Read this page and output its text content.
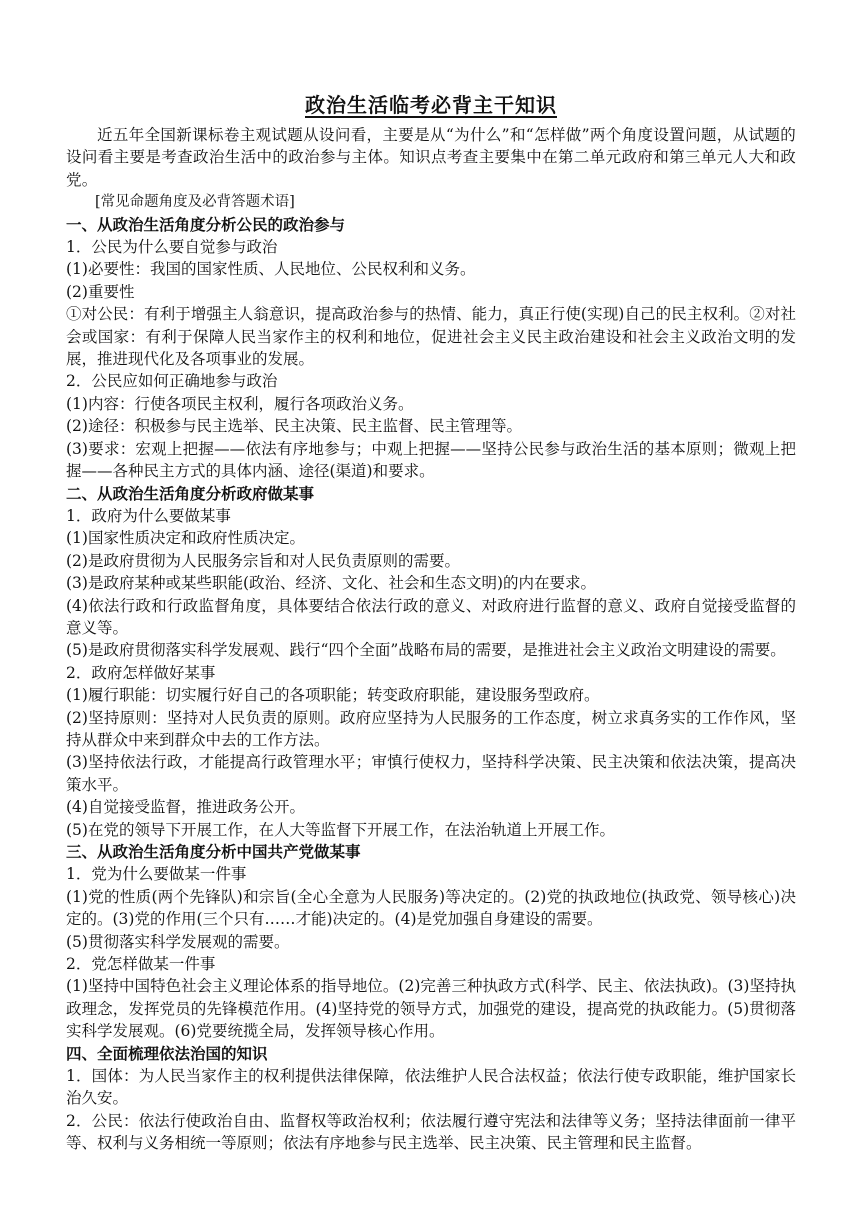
政治生活临考必背主干知识

近五年全国新课标卷主观试题从设问看，主要是从“为什么”和“怎样做”两个角度设置问题，从试题的设问看主要是考查政治生活中的政治参与主体。知识点考查主要集中在第二单元政府和第三单元人大和政党。

[常见命题角度及必背答题术语]

一、从政治生活角度分析公民的政治参与

1．公民为什么要自觉参与政治

(1)必要性：我国的国家性质、人民地位、公民权利和义务。

(2)重要性

①对公民：有利于增强主人翁意识，提高政治参与的热情、能力，真正行使(实现)自己的民主权利。②对社会或国家：有利于保障人民当家作主的权利和地位，促进社会主义民主政治建设和社会主义政治文明的发展，推进现代化及各项事业的发展。

2．公民应如何正确地参与政治

(1)内容：行使各项民主权利，履行各项政治义务。

(2)途径：积极参与民主选举、民主决策、民主监督、民主管理等。

(3)要求：宏观上把握——依法有序地参与；中观上把握——坚持公民参与政治生活的基本原则；微观上把握——各种民主方式的具体内涵、途径(渠道)和要求。

二、从政治生活角度分析政府做某事

1．政府为什么要做某事

(1)国家性质决定和政府性质决定。

(2)是政府贯彻为人民服务宗旨和对人民负责原则的需要。

(3)是政府某种或某些职能(政治、经济、文化、社会和生态文明)的内在要求。

(4)依法行政和行政监督角度，具体要结合依法行政的意义、对政府进行监督的意义、政府自觉接受监督的意义等。

(5)是政府贯彻落实科学发展观、践行“四个全面”战略布局的需要，是推进社会主义政治文明建设的需要。

2．政府怎样做好某事

(1)履行职能：切实履行好自己的各项职能；转变政府职能，建设服务型政府。

(2)坚持原则：坚持对人民负责的原则。政府应坚持为人民服务的工作态度，树立求真务实的工作作风，坚持从群众中来到群众中去的工作方法。

(3)坚持依法行政，才能提高行政管理水平；审慎行使权力，坚持科学决策、民主决策和依法决策，提高决策水平。

(4)自觉接受监督，推进政务公开。

(5)在党的领导下开展工作，在人大等监督下开展工作，在法治轨道上开展工作。

三、从政治生活角度分析中国共产党做某事

1．党为什么要做某一件事

(1)党的性质(两个先锋队)和宗旨(全心全意为人民服务)等决定的。(2)党的执政地位(执政党、领导核心)决定的。(3)党的作用(三个只有……才能)决定的。(4)是党加强自身建设的需要。

(5)贯彻落实科学发展观的需要。

2．党怎样做某一件事

(1)坚持中国特色社会主义理论体系的指导地位。(2)完善三种执政方式(科学、民主、依法执政)。(3)坚持执政理念，发挥党员的先锋模范作用。(4)坚持党的领导方式，加强党的建设，提高党的执政能力。(5)贯彻落实科学发展观。(6)党要统揽全局，发挥领导核心作用。

四、全面梳理依法治国的知识

1．国体：为人民当家作主的权利提供法律保障，依法维护人民合法权益；依法行使专政职能，维护国家长治久安。

2．公民：依法行使政治自由、监督权等政治权利；依法履行遵守宪法和法律等义务；坚持法律面前一律平等、权利与义务相统一等原则；依法有序地参与民主选举、民主决策、民主管理和民主监督。
